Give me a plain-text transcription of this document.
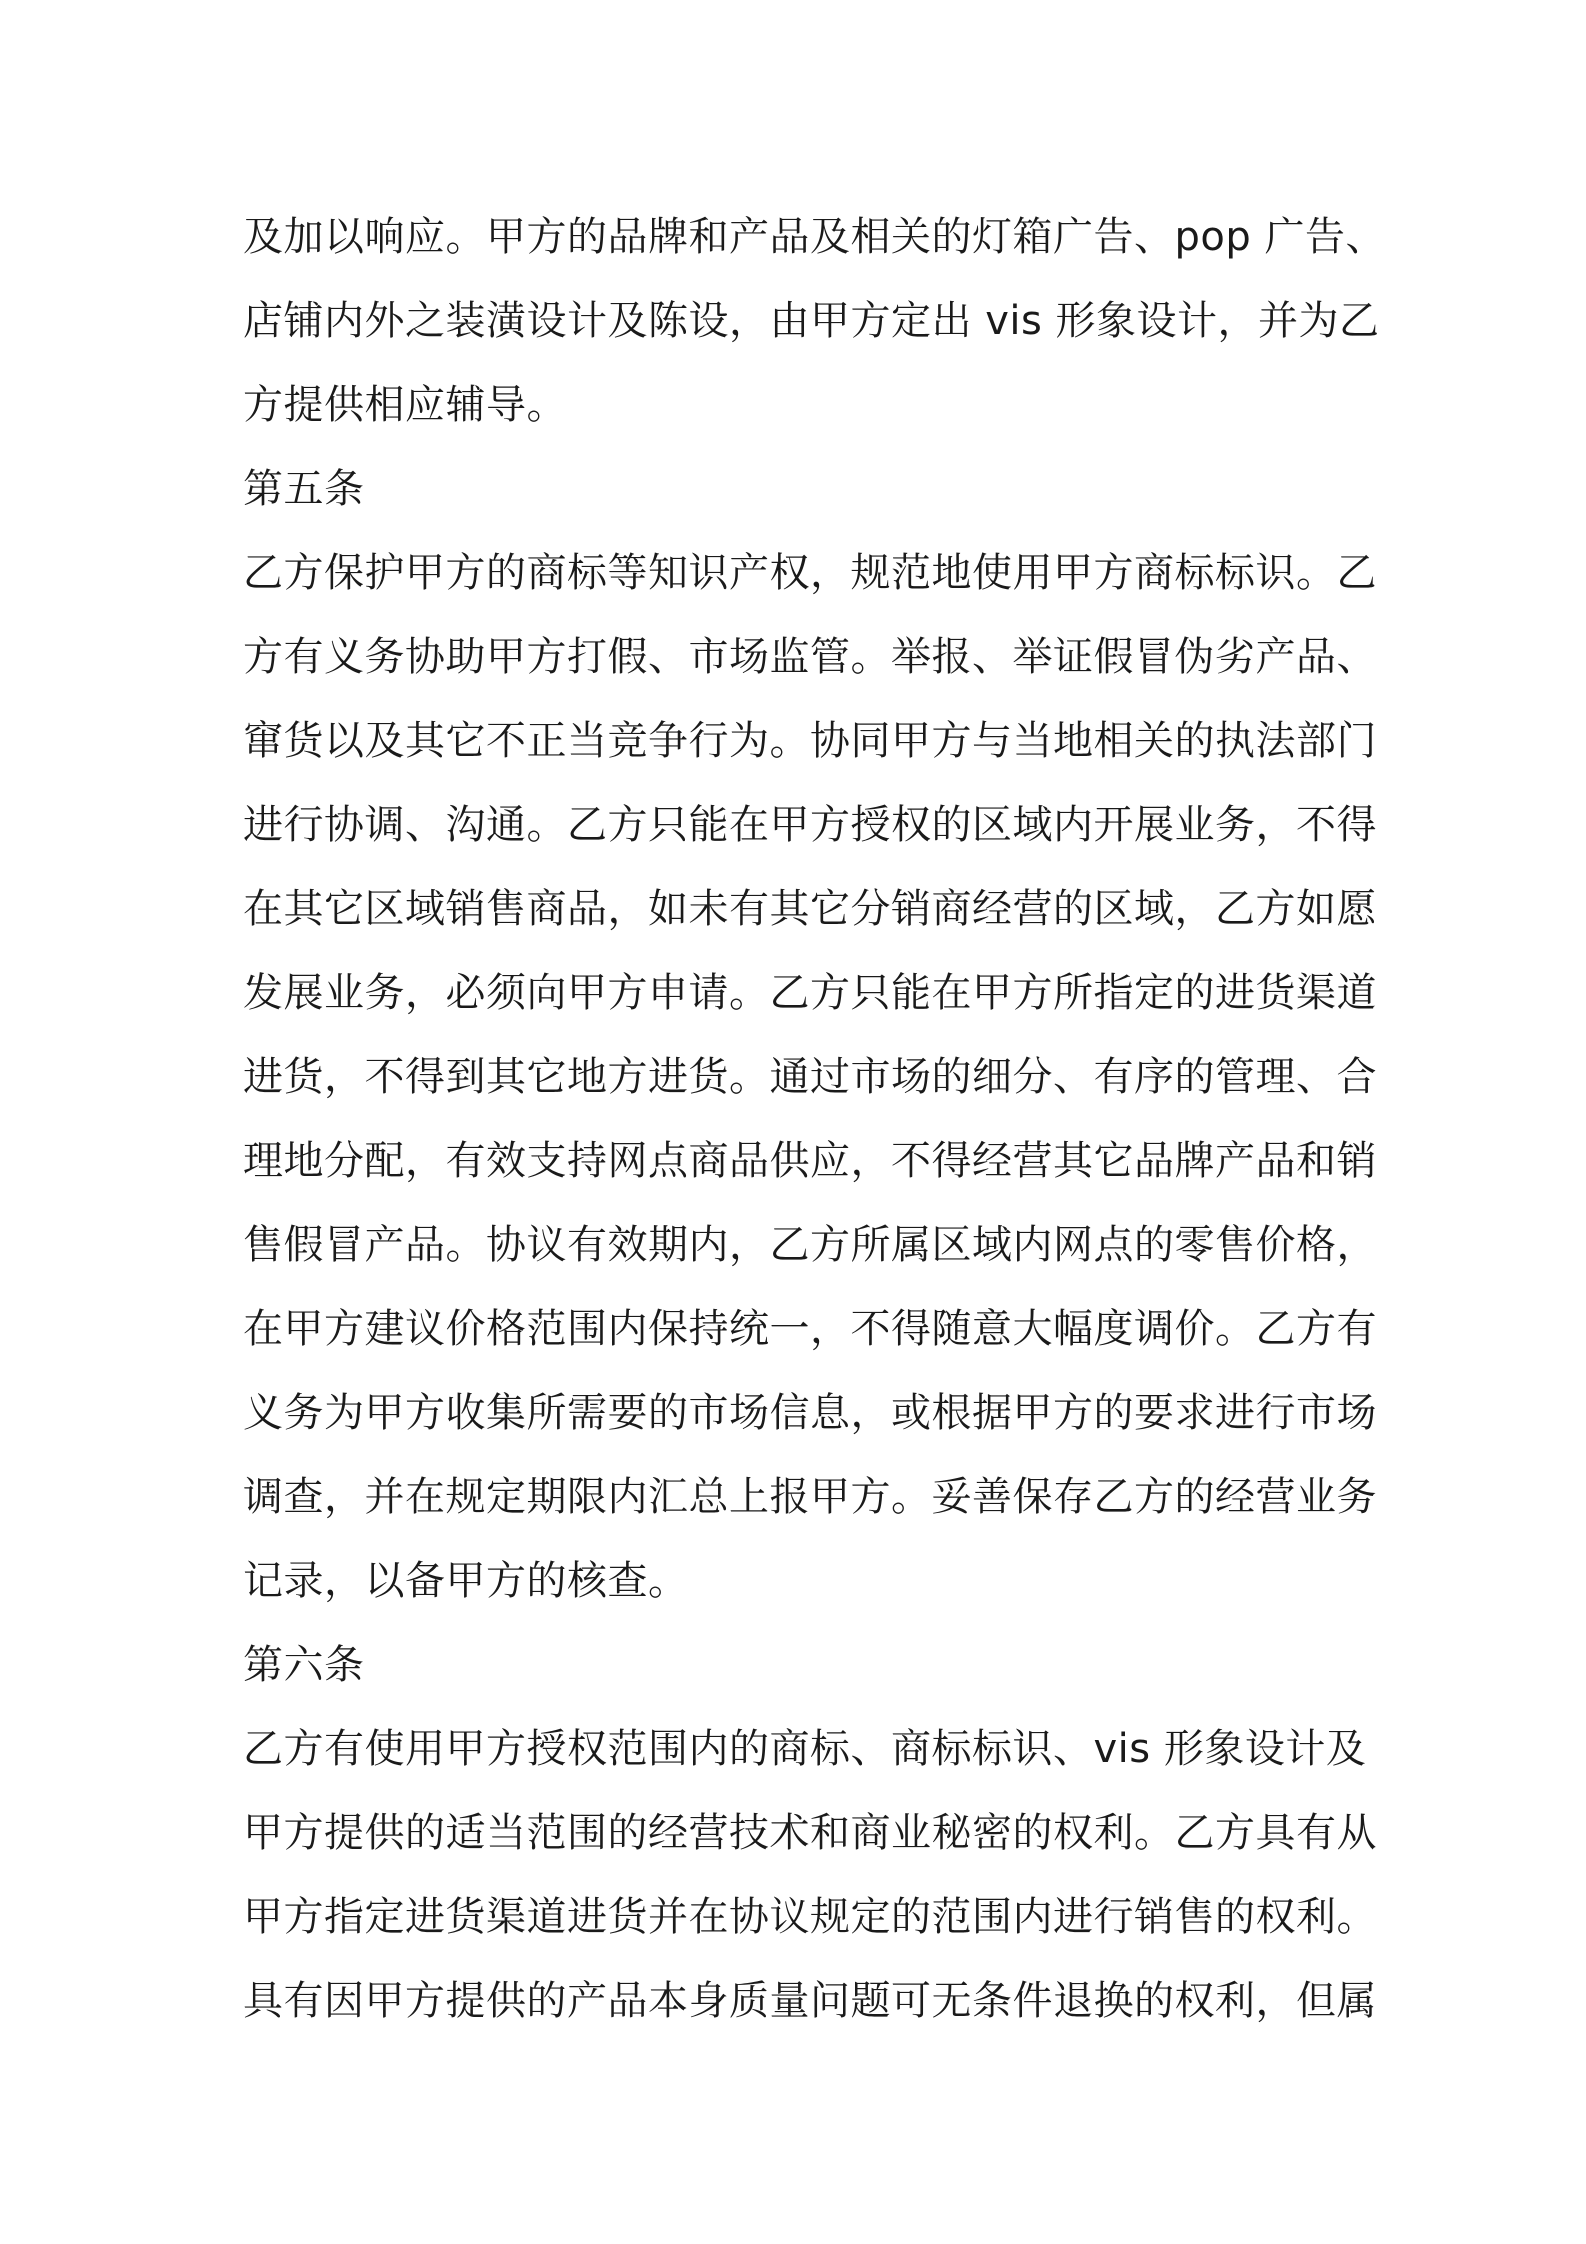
及加以响应。甲方的品牌和产品及相关的灯箱广告、pop 广告、
店铺内外之装潢设计及陈设，由甲方定出 vis 形象设计，并为乙
方提供相应辅导。
第五条
乙方保护甲方的商标等知识产权，规范地使用甲方商标标识。乙
方有义务协助甲方打假、市场监管。举报、举证假冒伪劣产品、
窜货以及其它不正当竞争行为。协同甲方与当地相关的执法部门
进行协调、沟通。乙方只能在甲方授权的区域内开展业务，不得
在其它区域销售商品，如未有其它分销商经营的区域，乙方如愿
发展业务，必须向甲方申请。乙方只能在甲方所指定的进货渠道
进货，不得到其它地方进货。通过市场的细分、有序的管理、合
理地分配，有效支持网点商品供应，不得经营其它品牌产品和销
售假冒产品。协议有效期内，乙方所属区域内网点的零售价格，
在甲方建议价格范围内保持统一，不得随意大幅度调价。乙方有
义务为甲方收集所需要的市场信息，或根据甲方的要求进行市场
调查，并在规定期限内汇总上报甲方。妥善保存乙方的经营业务
记录，以备甲方的核查。
第六条
乙方有使用甲方授权范围内的商标、商标标识、vis 形象设计及
甲方提供的适当范围的经营技术和商业秘密的权利。乙方具有从
甲方指定进货渠道进货并在协议规定的范围内进行销售的权利。
具有因甲方提供的产品本身质量问题可无条件退换的权利，但属
